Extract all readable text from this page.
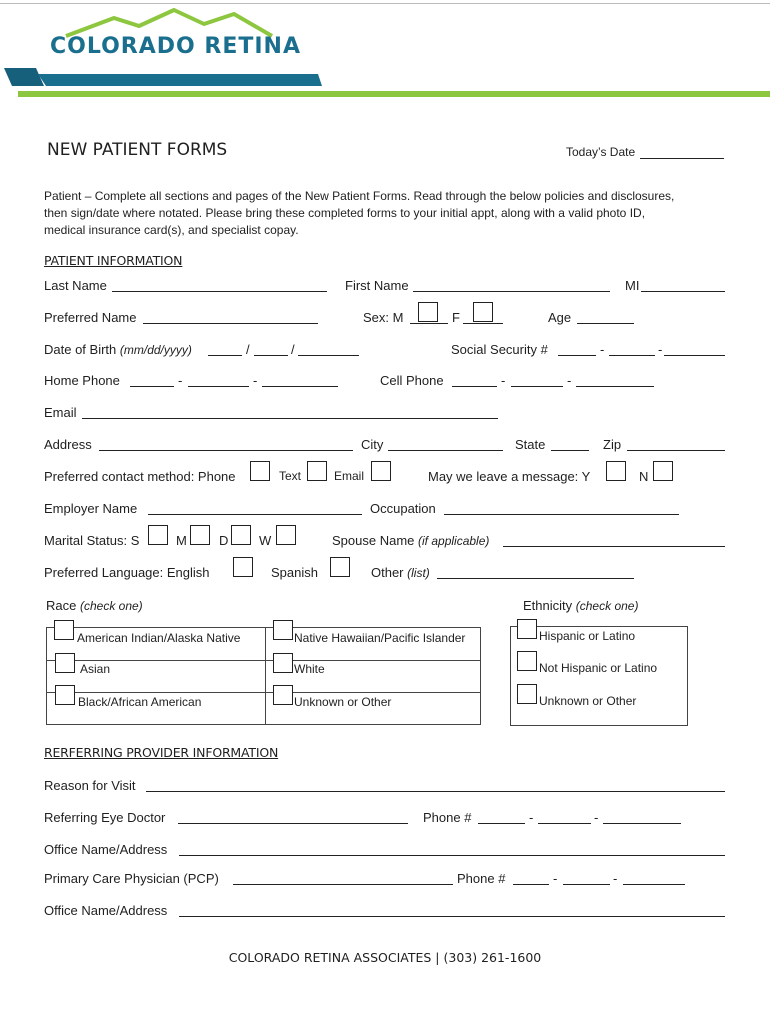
COLORADO RETINA
NEW PATIENT FORMS	Today’s Date
Patient – Complete all sections and pages of the New Patient Forms. Read through the below policies and disclosures,
then sign/date where notated. Please bring these completed forms to your initial appt, along with a valid photo ID,
medical insurance card(s), and specialist copay.
PATIENT INFORMATION
Last Name	First Name	MI
Preferred Name	Sex: M	F	Age
Date of Birth (mm/dd/yyyy)	/	/	Social Security #	-	-
Home Phone	-	-	Cell Phone	-	-
Email
Address	City	State	Zip
Preferred contact method: Phone	Text	Email	May we leave a message: Y	N
Employer Name	Occupation
Marital Status: S	M D W	Spouse Name (if applicable)
Preferred Language: English	Spanish	Other (list)
Race (check one)
American Indian/Alaska Native	Native Hawaiian/Pacific Islander
Asian	White
Black/African American	Unknown or Other
Ethnicity (check one)
Hispanic or Latino
Not Hispanic or Latino
Unknown or Other
RERFERRING PROVIDER INFORMATION
Reason for Visit
Referring Eye Doctor	Phone #	-	-
Office Name/Address
Primary Care Physician (PCP)	Phone #	-	-
Office Name/Address
COLORADO RETINA ASSOCIATES | (303) 261-1600
